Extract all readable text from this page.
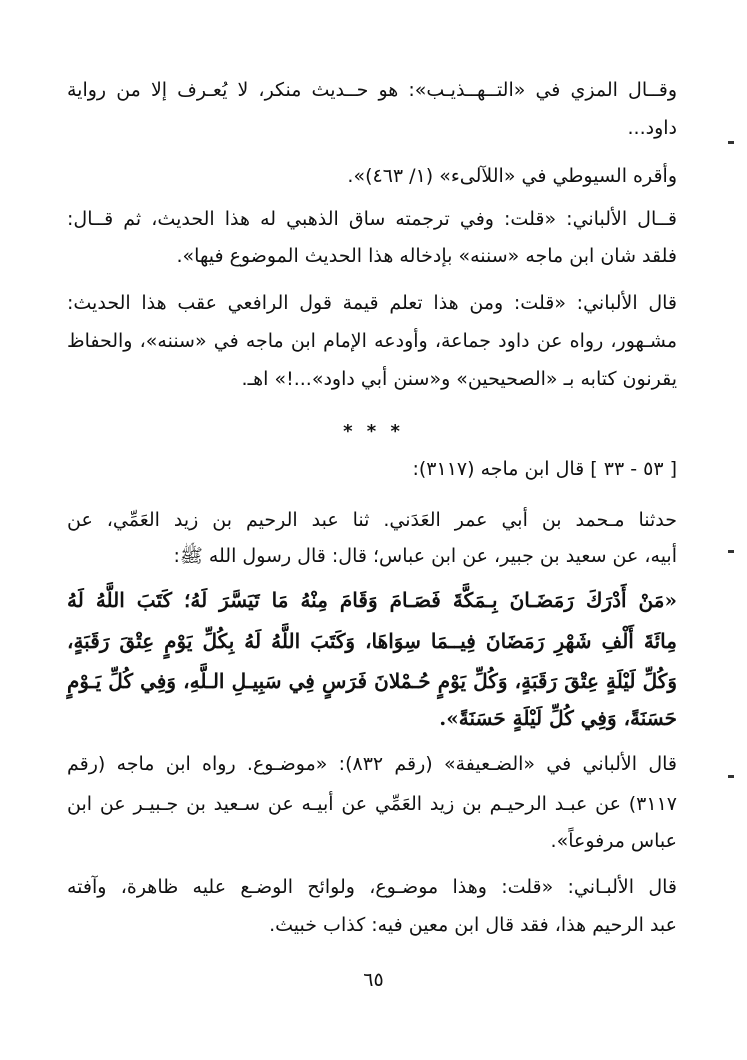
وقــال المزي في «التــهــذيـب»: هو حــديث منكر، لا يُعـرف إلا من رواية
داود...
وأقره السيوطي في «اللآلىء» (١/ ٤٦٣)».
قــال الألباني: «قلت: وفي ترجمته ساق الذهبي له هذا الحديث، ثم قــال:
فلقد شان ابن ماجه «سننه» بإدخاله هذا الحديث الموضوع فيها».
قال الألباني: «قلت: ومن هذا تعلم قيمة قول الرافعي عقب هذا الحديث:
مشـهور، رواه عن داود جماعة، وأودعه الإمام ابن ماجه في «سننه»، والحفاظ
يقرنون كتابه بـ «الصحيحين» و«سنن أبي داود»...!» اهـ.
* * *
[ ٥٣ - ٣٣ ] قال ابن ماجه (٣١١٧):
حدثنا مـحمد بن أبي عمر العَدَني. ثنا عبد الرحيم بن زيد العَمِّي، عن
أبيه، عن سعيد بن جبير، عن ابن عباس؛ قال: قال رسول الله ﷺ:
«مَنْ أَدْرَكَ رَمَضَـانَ بِـمَكَّةَ فَصَـامَ وَقَامَ مِنْهُ مَا تَيَسَّرَ لَهُ؛ كَتَبَ اللَّهُ لَهُ
مِائَةَ أَلْفِ شَهْرِ رَمَضَانَ فِيــمَا سِوَاهَا، وَكَتَبَ اللَّهُ لَهُ بِكُلِّ يَوْمٍ عِتْقَ رَقَبَةٍ،
وَكُلِّ لَيْلَةٍ عِتْقَ رَقَبَةٍ، وَكُلِّ يَوْمٍ حُـمْلانَ فَرَسٍ فِي سَبِيـلِ الـلَّهِ، وَفِي كُلِّ يَـوْمٍ
حَسَنَةً، وَفِي كُلِّ لَيْلَةٍ حَسَنَةً».
قال الألباني في «الضـعيفة» (رقم ٨٣٢): «موضـوع. رواه ابن ماجه (رقم
٣١١٧) عن عبـد الرحيـم بن زيد العَمِّي عن أبيـه عن سـعيد بن جـبيـر عن ابن
عباس مرفوعاً».
قال الألبـاني: «قلت: وهذا موضـوع، ولوائح الوضـع عليه ظاهرة، وآفته
عبد الرحيم هذا، فقد قال ابن معين فيه: كذاب خبيث.
٦٥
